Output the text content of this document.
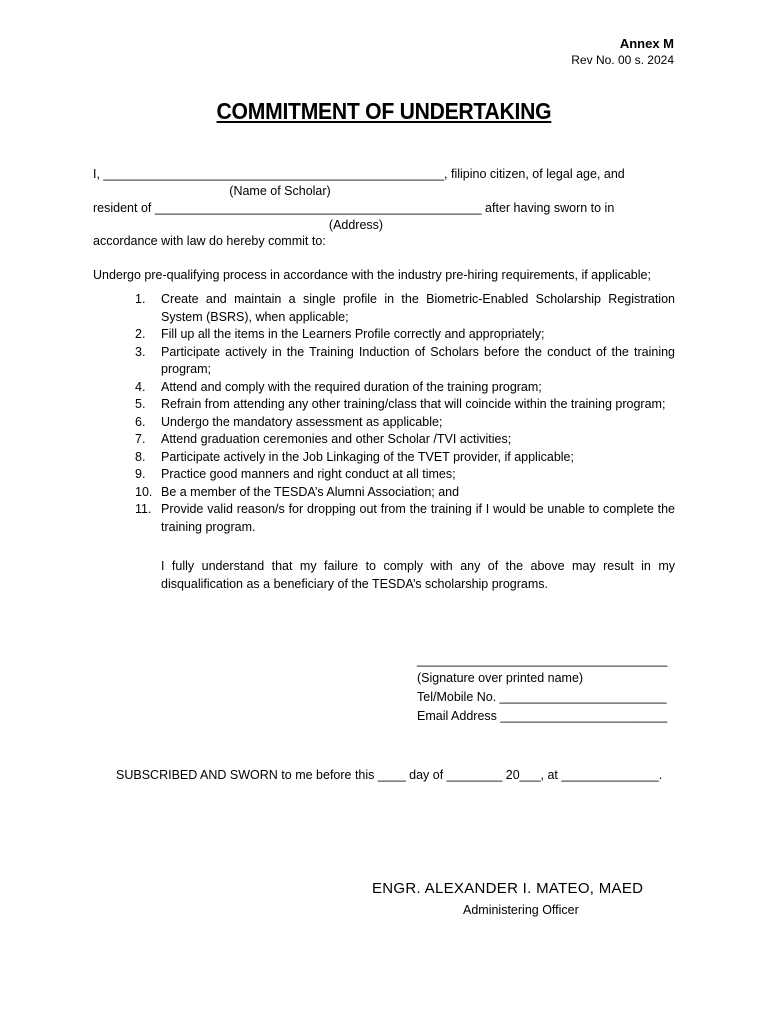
Annex M
Rev No. 00 s. 2024
COMMITMENT OF UNDERTAKING
I, _________________________________________________, filipino citizen, of legal age, and
(Name of Scholar)
resident of _______________________________________________ after having sworn to in
(Address)
accordance with law do hereby commit to:
Undergo pre-qualifying process in accordance with the industry pre-hiring requirements, if applicable;
1.	Create and maintain a single profile in the Biometric-Enabled Scholarship Registration System (BSRS), when applicable;
2.	Fill up all the items in the Learners Profile correctly and appropriately;
3.	Participate actively in the Training Induction of Scholars before the conduct of the training program;
4.	Attend and comply with the required duration of the training program;
5.	Refrain from attending any other training/class that will coincide within the training program;
6.	Undergo the mandatory assessment as applicable;
7.	Attend graduation ceremonies and other Scholar /TVI activities;
8.	Participate actively in the Job Linkaging of the TVET provider, if applicable;
9.	Practice good manners and right conduct at all times;
10. Be a member of the TESDA’s Alumni Association; and
11. Provide valid reason/s for dropping out from the training if I would be unable to complete the training program.
I fully understand that my failure to comply with any of the above may result in my disqualification as a beneficiary of the TESDA’s scholarship programs.
____________________________________
(Signature over printed name)
Tel/Mobile No. ________________________
Email Address ________________________
SUBSCRIBED AND SWORN to me before this ____ day of ________ 20___, at ______________.
ENGR. ALEXANDER I. MATEO, MAED
Administering Officer
